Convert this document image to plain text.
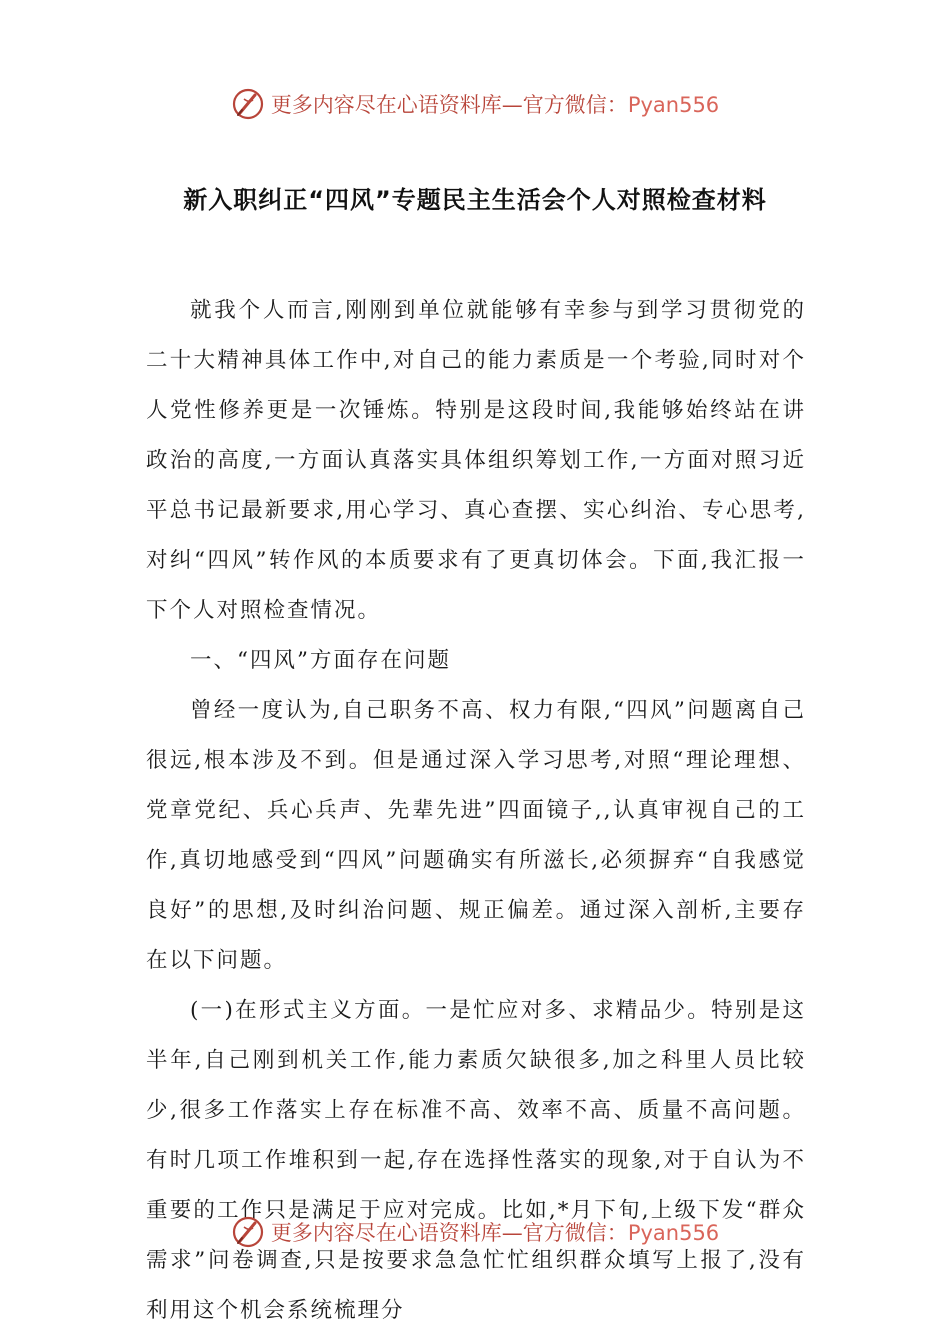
更多内容尽在心语资料库—官方微信：Pyan556
新入职纠正“四风”专题民主生活会个人对照检查材料

就我个人而言,刚刚到单位就能够有幸参与到学习贯彻党的二十大精神具体工作中,对自己的能力素质是一个考验,同时对个人党性修养更是一次锤炼。特别是这段时间,我能够始终站在讲政治的高度,一方面认真落实具体组织筹划工作,一方面对照习近平总书记最新要求,用心学习、真心查摆、实心纠治、专心思考,对纠“四风”转作风的本质要求有了更真切体会。下面,我汇报一下个人对照检查情况。

一、“四风”方面存在问题

曾经一度认为,自己职务不高、权力有限,“四风”问题离自己很远,根本涉及不到。但是通过深入学习思考,对照“理论理想、党章党纪、兵心兵声、先辈先进”四面镜子,,认真审视自己的工作,真切地感受到“四风”问题确实有所滋长,必须摒弃“自我感觉良好”的思想,及时纠治问题、规正偏差。通过深入剖析,主要存在以下问题。

(一)在形式主义方面。一是忙应对多、求精品少。特别是这半年,自己刚到机关工作,能力素质欠缺很多,加之科里人员比较少,很多工作落实上存在标准不高、效率不高、质量不高问题。有时几项工作堆积到一起,存在选择性落实的现象,对于自认为不重要的工作只是满足于应对完成。比如,*月下旬,上级下发“群众需求”问卷调查,只是按要求急急忙忙组织群众填写上报了,没有利用这个机会系统梳理分

更多内容尽在心语资料库—官方微信：Pyan556
